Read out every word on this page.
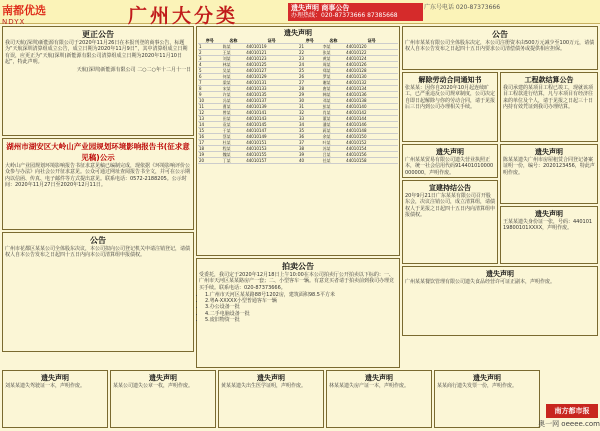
南都优选
NDYX	广州大分类	遗失声明 商事公告
办理热线：020-87373666 87385668
广东号电话 020-87373666
更正公告
我司天航(深圳)新能源有限公司于2020年11月26日在本报刊登的商事公告，标题为“天航深圳清算组成立公告，成立日期为2020年11月9日”，其中清算组成立日期有误，应更正为“天航(深圳)新能源有限公司清算组成立日期为2020年11月10日起”，特此声明。
天航(深圳)新能源有限公司 二○二○年十二月十一日
湖州市湖安区大岭山产业园规划环境影响报告书(征求意见稿)公示
大岭山产业园规划环境影响报告书征求意见稿已编制完成，现依据《环境影响评价公众参与办法》向社会公开征求意见。公众可通过网址查阅报告书全文，并可在公示期内以信函、传真、电子邮件等方式提出意见。联系电话：0572-2188205。公示时间：2020年11月27日至2020年12月11日。
公告
广州市花都区某某公司全体股东决议，本公司拟向公司登记机关申请注销登记，请债权人自本公告发布之日起四十五日内向本公司清算组申报债权。
遗失声明
序号	名称	证号	序号	名称	证号
1	陈某	44010119	21	李某	44010120
2	王某	44010121	22	张某	44010122
3	刘某	44010123	23	黄某	44010124
4	林某	44010125	24	周某	44010126
5	吴某	44010127	25	郑某	44010128
6	何某	44010129	26	罗某	44010130
7	梁某	44010131	27	谢某	44010132
8	宋某	44010133	28	唐某	44010134
9	许某	44010135	29	韩某	44010136
10	冯某	44010137	30	邓某	44010138
11	曹某	44010139	31	彭某	44010140
12	曾某	44010141	32	肖某	44010142
13	田某	44010143	33	董某	44010144
14	袁某	44010145	34	潘某	44010146
15	于某	44010147	35	蒋某	44010148
16	蔡某	44010149	36	余某	44010150
17	杜某	44010151	37	叶某	44010152
18	程某	44010153	38	苏某	44010154
19	魏某	44010155	39	吕某	44010156
20	丁某	44010157	40	任某	44010158
拍卖公告
受委托，我司定于2020年12月18日上午10:00在本公司拍卖厅公开拍卖以下标的：一、广州市天河区某某路房产一套；二、小型客车一辆。有意竞买者请于拍卖前到我司办理竞买手续。联系电话：020-87373666。
• 1.广州市天河区某某路88号1202房，建筑面积98.5平方米
• 2.粤A·XXXXX小型普通客车一辆
• 3.办公设备一批
• 4.二手电脑设备一批
• 5.废旧物资一批
公告
广州市某某有限公司全体股东决定，本公司注册资本由500万元减少至100万元，请债权人自本公告发布之日起四十五日内要求公司清偿债务或提供相应担保。
解除劳动合同通知书
张某某：因你自2020年10月起连续旷工，已严重违反公司规章制度，公司决定自即日起解除与你的劳动合同，请于见报后三日内到公司办理相关手续。
工程款结算公告
我司承建的某项目工程已竣工，现就该项目工程款进行结算，凡与本项目有经济往来的单位及个人，请于见报之日起三十日内持有效凭证到我司办理结算。
遗失声明
广州某某贸易有限公司遗失营业执照正本，统一社会信用代码914401010000000000，声明作废。
宣建持结公告
20年9月21日广东某某有限公司召开股东会，决议注销公司，成立清算组，请债权人于见报之日起四十五日内向清算组申报债权。
遗失声明
陈某某遗失广州市房屋租赁合同登记备案证明一份，编号：2020123456，特此声明作废。
遗失声明
王某某遗失身份证一张，号码：44010119800101XXXX，声明作废。
遗失声明
广州某某餐饮管理有限公司遗失食品经营许可证正副本，声明作废。
遗失声明
刘某某遗失驾驶证一本，声明作废。
遗失声明
某某公司遗失公章一枚，声明作废。
遗失声明
黄某某遗失出生医学证明，声明作废。
遗失声明
林某某遗失房产证一本，声明作废。
遗失声明
某某商行遗失发票一份，声明作废。
南方都市报
奥一网 oeeee.com
